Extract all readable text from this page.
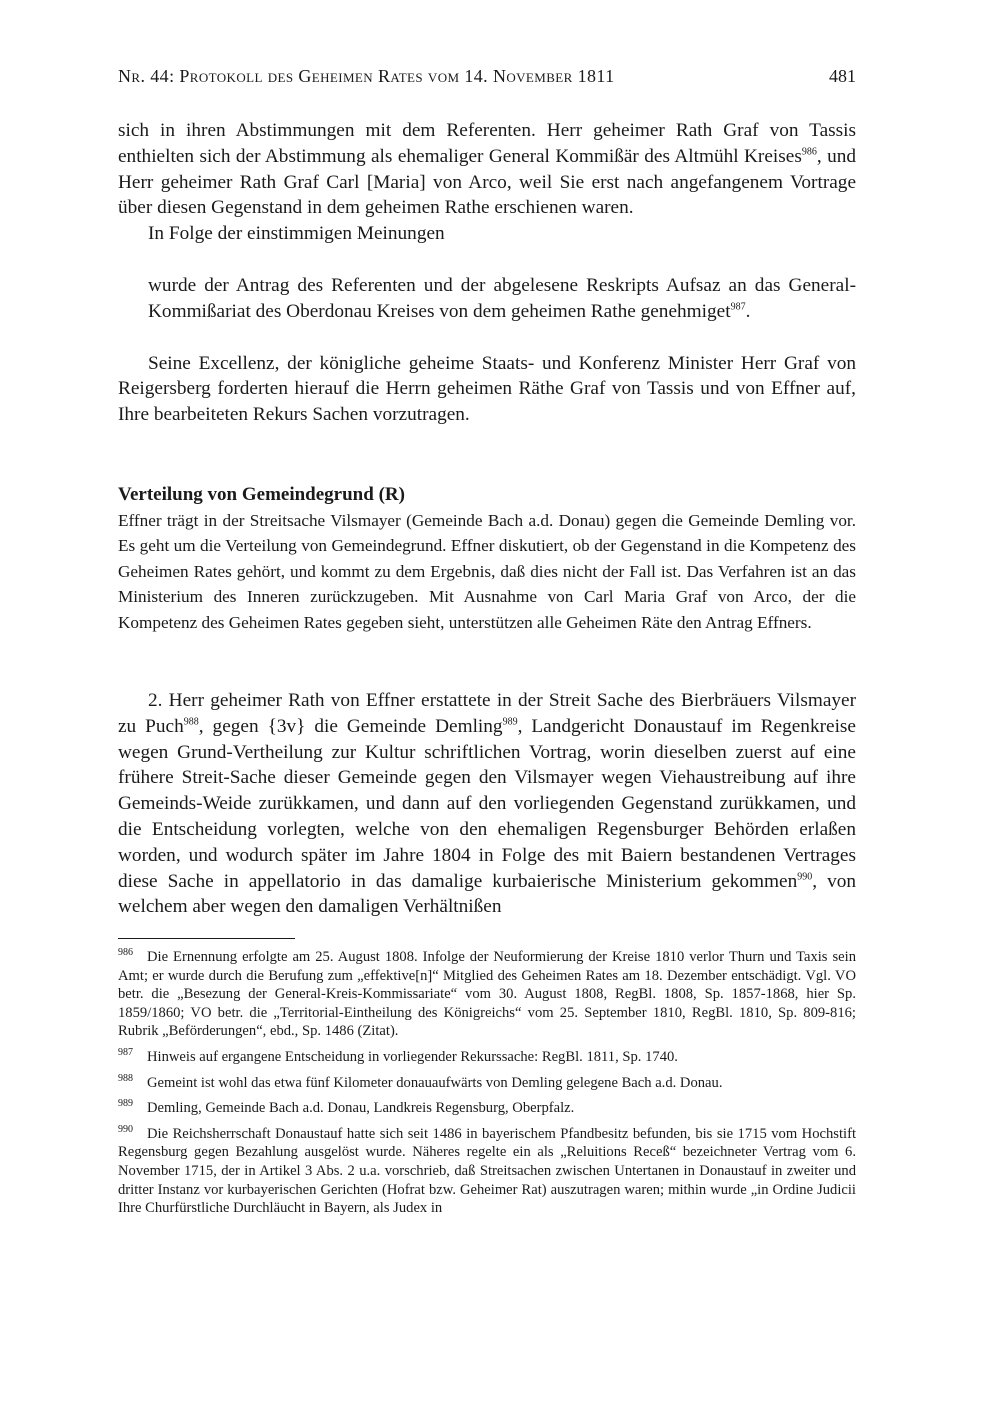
Nr. 44: Protokoll des Geheimen Rates vom 14. November 1811	481

sich in ihren Abstimmungen mit dem Referenten. Herr geheimer Rath Graf von Tassis enthielten sich der Abstimmung als ehemaliger General Kommißär des Altmühl Kreises$^{986}$, und Herr geheimer Rath Graf Carl [Maria] von Arco, weil Sie erst nach angefangenem Vortrage über diesen Gegenstand in dem geheimen Rathe erschienen waren.

In Folge der einstimmigen Meinungen

wurde der Antrag des Referenten und der abgelesene Reskripts Aufsaz an das General-Kommißariat des Oberdonau Kreises von dem geheimen Rathe genehmiget$^{987}$.

Seine Excellenz, der königliche geheime Staats- und Konferenz Minister Herr Graf von Reigersberg forderten hierauf die Herrn geheimen Räthe Graf von Tassis und von Effner auf, Ihre bearbeiteten Rekurs Sachen vorzutragen.

Verteilung von Gemeindegrund (R)

Effner trägt in der Streitsache Vilsmayer (Gemeinde Bach a.d. Donau) gegen die Gemeinde Demling vor. Es geht um die Verteilung von Gemeindegrund. Effner diskutiert, ob der Gegenstand in die Kompetenz des Geheimen Rates gehört, und kommt zu dem Ergebnis, daß dies nicht der Fall ist. Das Verfahren ist an das Ministerium des Inneren zurückzugeben. Mit Ausnahme von Carl Maria Graf von Arco, der die Kompetenz des Geheimen Rates gegeben sieht, unterstützen alle Geheimen Räte den Antrag Effners.

2. Herr geheimer Rath von Effner erstattete in der Streit Sache des Bierbräuers Vilsmayer zu Puch$^{988}$, gegen {3v} die Gemeinde Demling$^{989}$, Landgericht Donaustauf im Regenkreise wegen Grund-Vertheilung zur Kultur schriftlichen Vortrag, worin dieselben zuerst auf eine frühere Streit-Sache dieser Gemeinde gegen den Vilsmayer wegen Viehaustreibung auf ihre Gemeinds-Weide zurükkamen, und dann auf den vorliegenden Gegenstand zurükkamen, und die Entscheidung vorlegten, welche von den ehemaligen Regensburger Behörden erlaßen worden, und wodurch später im Jahre 1804 in Folge des mit Baiern bestandenen Vertrages diese Sache in appellatorio in das damalige kurbaierische Ministerium gekommen$^{990}$, von welchem aber wegen den damaligen Verhältnißen

$^{986}$ Die Ernennung erfolgte am 25. August 1808. Infolge der Neuformierung der Kreise 1810 verlor Thurn und Taxis sein Amt; er wurde durch die Berufung zum „effektive[n]“ Mitglied des Geheimen Rates am 18. Dezember entschädigt. Vgl. VO betr. die „Besezung der General-Kreis-Kommissariate“ vom 30. August 1808, RegBl. 1808, Sp. 1857-1868, hier Sp. 1859/1860; VO betr. die „Territorial-Eintheilung des Königreichs“ vom 25. September 1810, RegBl. 1810, Sp. 809-816; Rubrik „Beförderungen“, ebd., Sp. 1486 (Zitat).

$^{987}$ Hinweis auf ergangene Entscheidung in vorliegender Rekurssache: RegBl. 1811, Sp. 1740.

$^{988}$ Gemeint ist wohl das etwa fünf Kilometer donauaufwärts von Demling gelegene Bach a.d. Donau.

$^{989}$ Demling, Gemeinde Bach a.d. Donau, Landkreis Regensburg, Oberpfalz.

$^{990}$ Die Reichsherrschaft Donaustauf hatte sich seit 1486 in bayerischem Pfandbesitz befunden, bis sie 1715 vom Hochstift Regensburg gegen Bezahlung ausgelöst wurde. Näheres regelte ein als „Reluitions Receß“ bezeichneter Vertrag vom 6. November 1715, der in Artikel 3 Abs. 2 u.a. vorschrieb, daß Streitsachen zwischen Untertanen in Donaustauf in zweiter und dritter Instanz vor kurbayerischen Gerichten (Hofrat bzw. Geheimer Rat) auszutragen waren; mithin wurde „in Ordine Judicii Ihre Churfürstliche Durchläucht in Bayern, als Judex in
